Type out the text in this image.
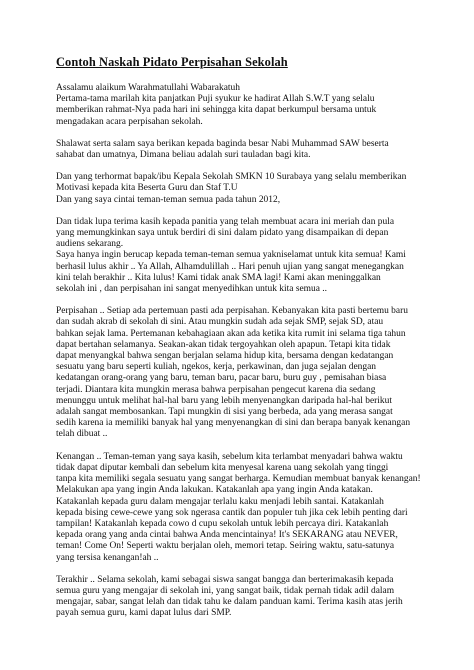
Contoh Naskah Pidato Perpisahan Sekolah

Assalamu alaikum Warahmatullahi Wabarakatuh
Pertama-tama marilah kita panjatkan Puji syukur ke hadirat Allah S.W.T yang selalu
memberikan rahmat-Nya pada hari ini sehingga kita dapat berkumpul bersama untuk
mengadakan acara perpisahan sekolah.

Shalawat serta salam saya berikan kepada baginda besar Nabi Muhammad SAW beserta
sahabat dan umatnya, Dimana beliau adalah suri tauladan bagi kita.

Dan yang terhormat bapak/ibu Kepala Sekolah SMKN 10 Surabaya yang selalu memberikan
Motivasi kepada kita Beserta Guru dan Staf T.U
Dan yang saya cintai teman-teman semua pada tahun 2012,

Dan tidak lupa terima kasih kepada panitia yang telah membuat acara ini meriah dan pula
yang memungkinkan saya untuk berdiri di sini dalam pidato yang disampaikan di depan
audiens sekarang.
Saya hanya ingin berucap kepada teman-teman semua yakniselamat untuk kita semua! Kami
berhasil lulus akhir .. Ya Allah, Alhamdulillah .. Hari penuh ujian yang sangat menegangkan
kini telah berakhir .. Kita lulus! Kami tidak anak SMA lagi! Kami akan meninggalkan
sekolah ini , dan perpisahan ini sangat menyedihkan untuk kita semua ..

Perpisahan .. Setiap ada pertemuan pasti ada perpisahan. Kebanyakan kita pasti bertemu baru
dan sudah akrab di sekolah di sini. Atau mungkin sudah ada sejak SMP, sejak SD, atau
bahkan sejak lama. Pertemanan kebahagiaan akan ada ketika kita rumit ini selama tiga tahun
dapat bertahan selamanya. Seakan-akan tidak tergoyahkan oleh apapun. Tetapi kita tidak
dapat menyangkal bahwa sengan berjalan selama hidup kita, bersama dengan kedatangan
sesuatu yang baru seperti kuliah, ngekos, kerja, perkawinan, dan juga sejalan dengan
kedatangan orang-orang yang baru, teman baru, pacar baru, buru guy , pemisahan biasa
terjadi. Diantara kita mungkin merasa bahwa perpisahan pengecut karena dia sedang
menunggu untuk melihat hal-hal baru yang lebih menyenangkan daripada hal-hal berikut
adalah sangat membosankan. Tapi mungkin di sisi yang berbeda, ada yang merasa sangat
sedih karena ia memiliki banyak hal yang menyenangkan di sini dan berapa banyak kenangan
telah dibuat ..

Kenangan .. Teman-teman yang saya kasih, sebelum kita terlambat menyadari bahwa waktu
tidak dapat diputar kembali dan sebelum kita menyesal karena uang sekolah yang tinggi
tanpa kita memiliki segala sesuatu yang sangat berharga. Kemudian membuat banyak kenangan!
Melakukan apa yang ingin Anda lakukan. Katakanlah apa yang ingin Anda katakan.
Katakanlah kepada guru dalam mengajar terlalu kaku menjadi lebih santai. Katakanlah
kepada bising cewe-cewe yang sok ngerasa cantik dan populer tuh jika cek lebih penting dari
tampilan! Katakanlah kepada cowo d cupu sekolah untuk lebih percaya diri. Katakanlah
kepada orang yang anda cintai bahwa Anda mencintainya! It's SEKARANG atau NEVER,
teman! Come On! Seperti waktu berjalan oleh, memori tetap. Seiring waktu, satu-satunya
yang tersisa kenangan!ah ..

Terakhir .. Selama sekolah, kami sebagai siswa sangat bangga dan berterimakasih kepada
semua guru yang mengajar di sekolah ini, yang sangat baik, tidak pernah tidak adil dalam
mengajar, sabar, sangat lelah dan tidak tahu ke dalam panduan kami. Terima kasih atas jerih
payah semua guru, kami dapat lulus dari SMP.
